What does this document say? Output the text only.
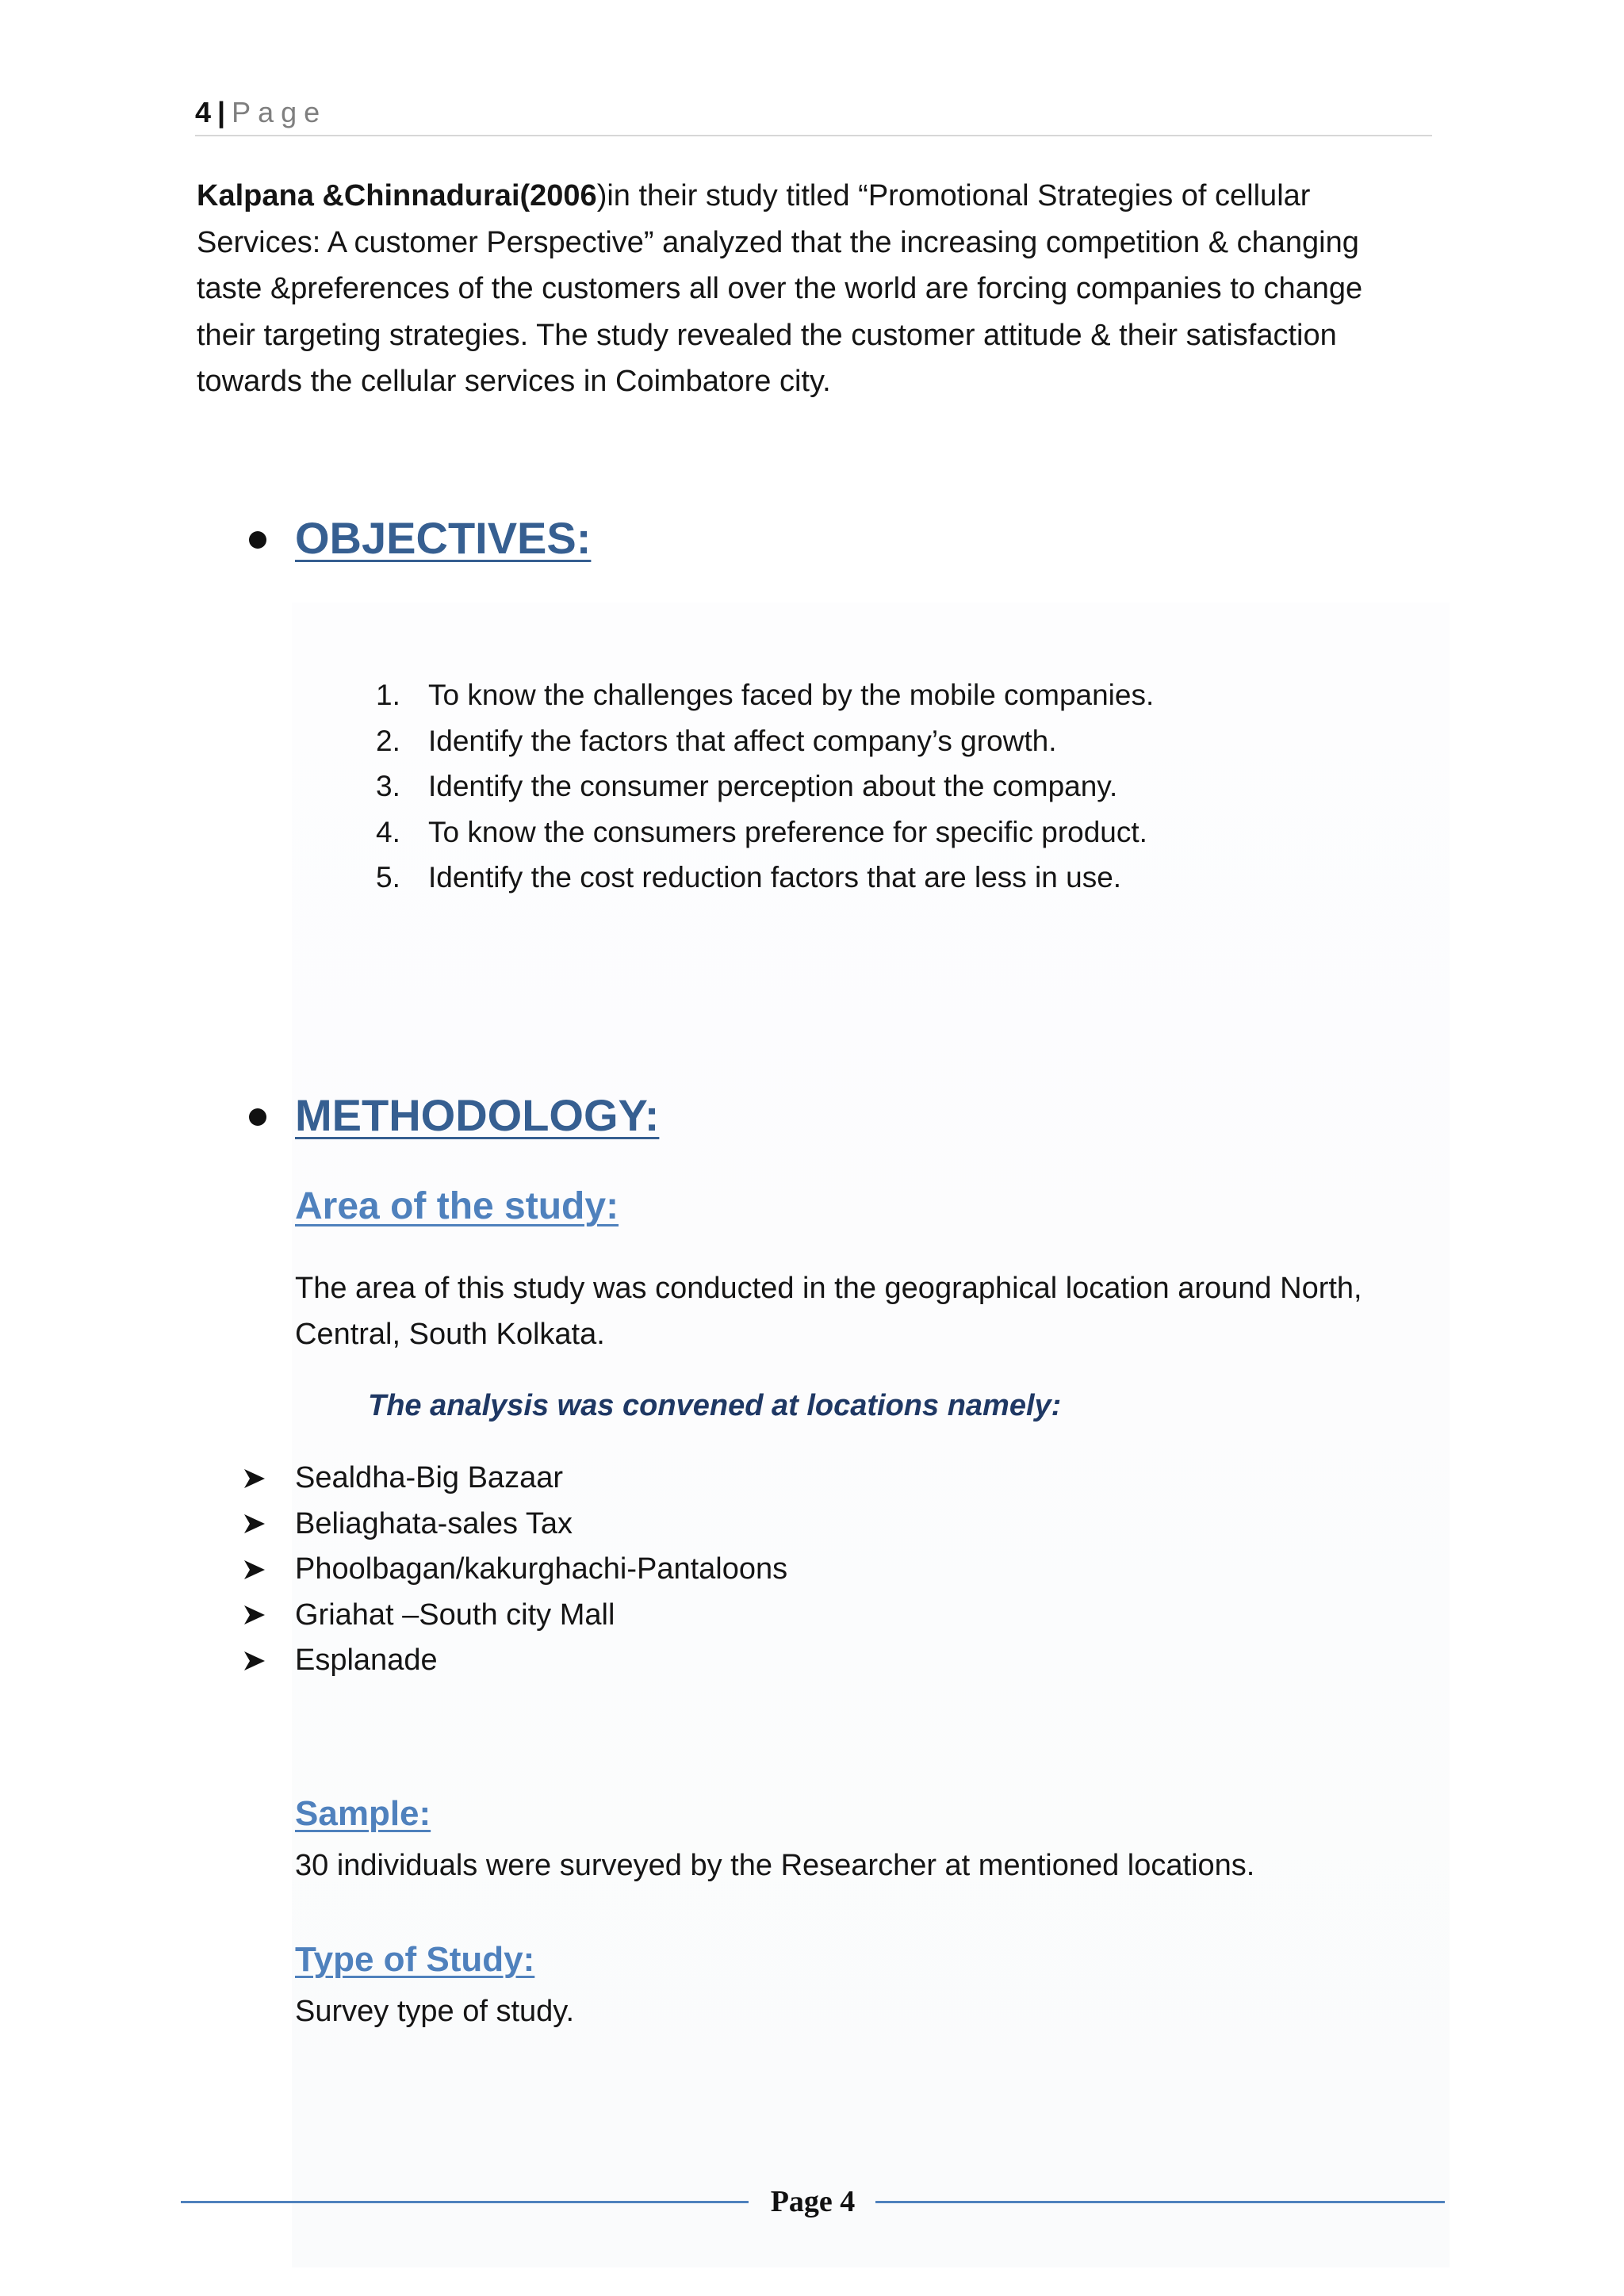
4 | Page
Kalpana &Chinnadurai(2006)in their study titled “Promotional Strategies of cellular Services: A customer Perspective” analyzed that the increasing competition & changing taste &preferences of the customers all over the world are forcing companies to change their targeting strategies. The study revealed the customer attitude & their satisfaction towards the cellular services in Coimbatore city.
OBJECTIVES:
1. To know the challenges faced by the mobile companies.
2. Identify the factors that affect company’s growth.
3. Identify the consumer perception about the company.
4. To know the consumers preference for specific product.
5. Identify the cost reduction factors that are less in use.
METHODOLOGY:
Area of the study:
The area of this study was conducted in the geographical location around North, Central, South Kolkata.
The analysis was convened at locations namely:
Sealdha-Big Bazaar
Beliaghata-sales Tax
Phoolbagan/kakurghachi-Pantaloons
Griahat –South city Mall
Esplanade
Sample:
30 individuals were surveyed by the Researcher at mentioned locations.
Type of Study:
Survey type of study.
Page 4
